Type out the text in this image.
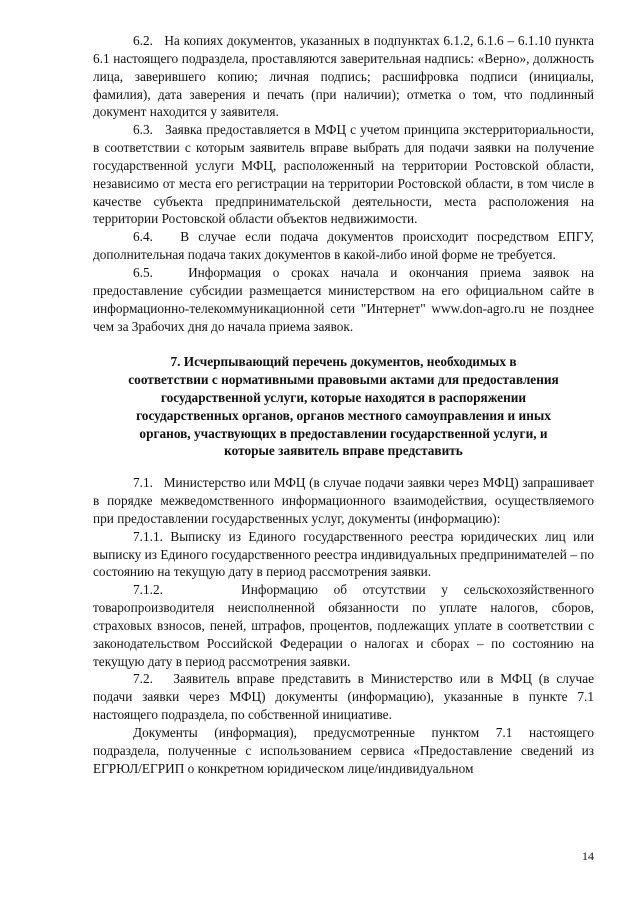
6.2.   На копиях документов, указанных в подпунктах 6.1.2, 6.1.6 – 6.1.10 пункта 6.1 настоящего подраздела, проставляются заверительная надпись: «Верно», должность лица, заверившего копию; личная подпись; расшифровка подписи (инициалы, фамилия), дата заверения и печать (при наличии); отметка о том, что подлинный документ находится у заявителя.

6.3.   Заявка предоставляется в МФЦ с учетом принципа экстерриториальности, в соответствии с которым заявитель вправе выбрать для подачи заявки на получение государственной услуги МФЦ, расположенный на территории Ростовской области, независимо от места его регистрации на территории Ростовской области, в том числе в качестве субъекта предпринимательской деятельности, места расположения на территории Ростовской области объектов недвижимости.

6.4.   В случае если подача документов происходит посредством ЕПГУ, дополнительная подача таких документов в какой-либо иной форме не требуется.

6.5.   Информация о сроках начала и окончания приема заявок на предоставление субсидии размещается министерством на его официальном сайте в информационно-телекоммуникационной сети "Интернет" www.don-agro.ru не позднее чем за 3рабочих дня до начала приема заявок.

7. Исчерпывающий перечень документов, необходимых в
соответствии с нормативными правовыми актами для предоставления
государственной услуги, которые находятся в распоряжении
государственных органов, органов местного самоуправления и иных
органов, участвующих в предоставлении государственной услуги, и
которые заявитель вправе представить

7.1.   Министерство или МФЦ (в случае подачи заявки через МФЦ) запрашивает в порядке межведомственного информационного взаимодействия, осуществляемого при предоставлении государственных услуг, документы (информацию):

7.1.1. Выписку из Единого государственного реестра юридических лиц или выписку из Единого государственного реестра индивидуальных предпринимателей – по состоянию на текущую дату в период рассмотрения заявки.

7.1.2.     Информацию об отсутствии у сельскохозяйственного товаропроизводителя неисполненной обязанности по уплате налогов, сборов, страховых взносов, пеней, штрафов, процентов, подлежащих уплате в соответствии с законодательством Российской Федерации о налогах и сборах – по состоянию на текущую дату в период рассмотрения заявки.

7.2.   Заявитель вправе представить в Министерство или в МФЦ (в случае подачи заявки через МФЦ) документы (информацию), указанные в пункте 7.1 настоящего подраздела, по собственной инициативе.

Документы (информация), предусмотренные пунктом 7.1 настоящего подраздела, полученные с использованием сервиса «Предоставление сведений из ЕГРЮЛ/ЕГРИП о конкретном юридическом лице/индивидуальном

14
